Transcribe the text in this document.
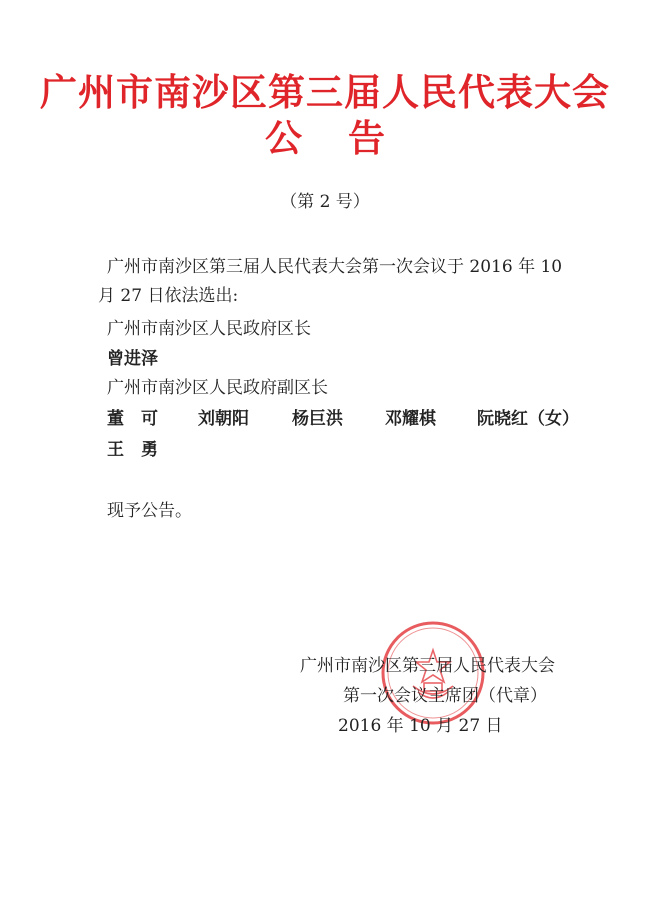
广州市南沙区第三届人民代表大会
公告
（第 2 号）
广州市南沙区第三届人民代表大会第一次会议于 2016 年 10
月 27 日依法选出:
广州市南沙区人民政府区长
曾进泽
广州市南沙区人民政府副区长
董　可 刘朝阳	杨巨洪 邓耀棋 阮晓红（女）
王　勇
现予公告。
广州市南沙区第三届人民代表大会
第一次会议主席团（代章）
2016 年 10 月 27 日
